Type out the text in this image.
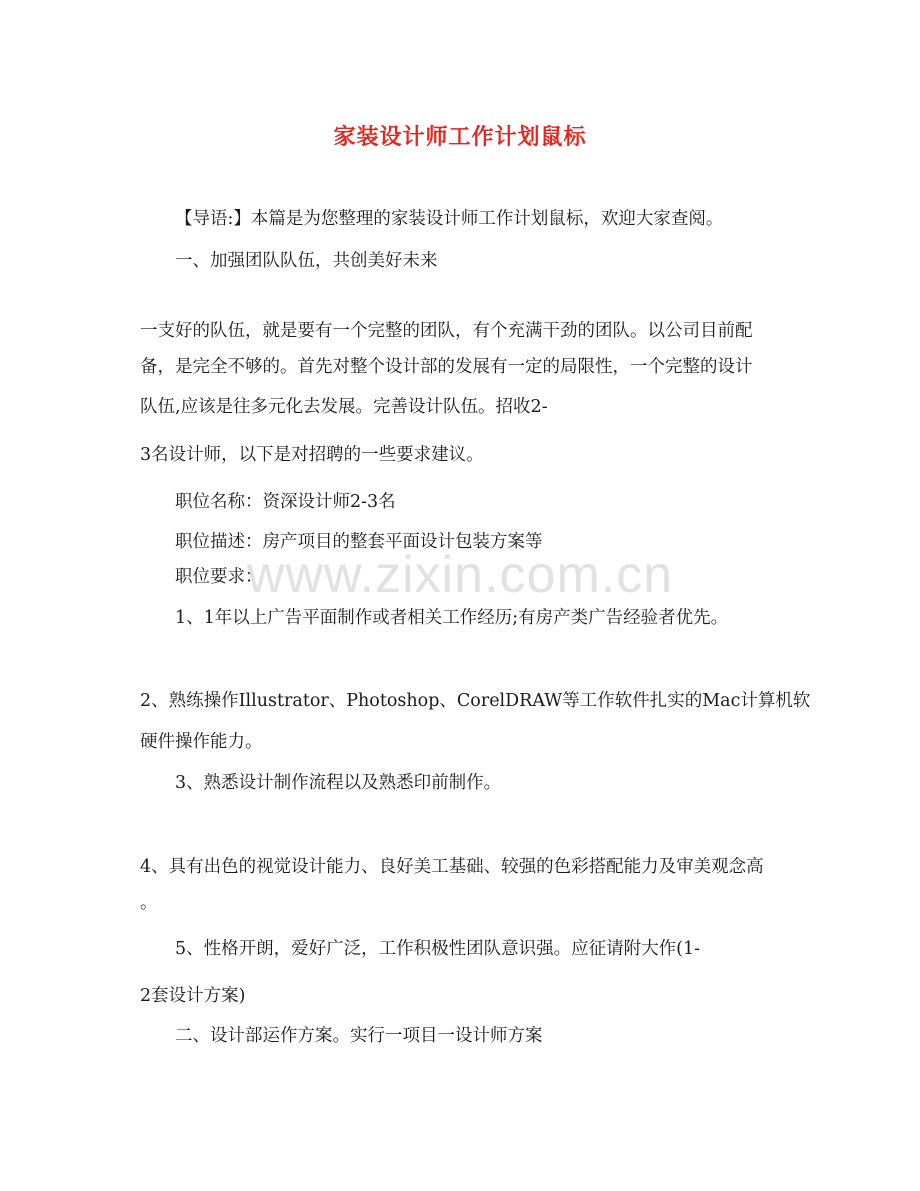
家装设计师工作计划鼠标
【导语:】本篇是为您整理的家装设计师工作计划鼠标，欢迎大家查阅。
一、加强团队队伍，共创美好未来
一支好的队伍，就是要有一个完整的团队，有个充满干劲的团队。以公司目前配
备，是完全不够的。首先对整个设计部的发展有一定的局限性，一个完整的设计
队伍,应该是往多元化去发展。完善设计队伍。招收2-
3名设计师，以下是对招聘的一些要求建议。
职位名称：资深设计师2-3名
职位描述：房产项目的整套平面设计包装方案等
职位要求：
1、1年以上广告平面制作或者相关工作经历;有房产类广告经验者优先。
2、熟练操作Illustrator、Photoshop、CorelDRAW等工作软件扎实的Mac计算机软
硬件操作能力。
3、熟悉设计制作流程以及熟悉印前制作。
4、具有出色的视觉设计能力、良好美工基础、较强的色彩搭配能力及审美观念高
。
5、性格开朗，爱好广泛，工作积极性团队意识强。应征请附大作(1-
2套设计方案)
二、设计部运作方案。实行一项目一设计师方案
www.zixin.com.cn
